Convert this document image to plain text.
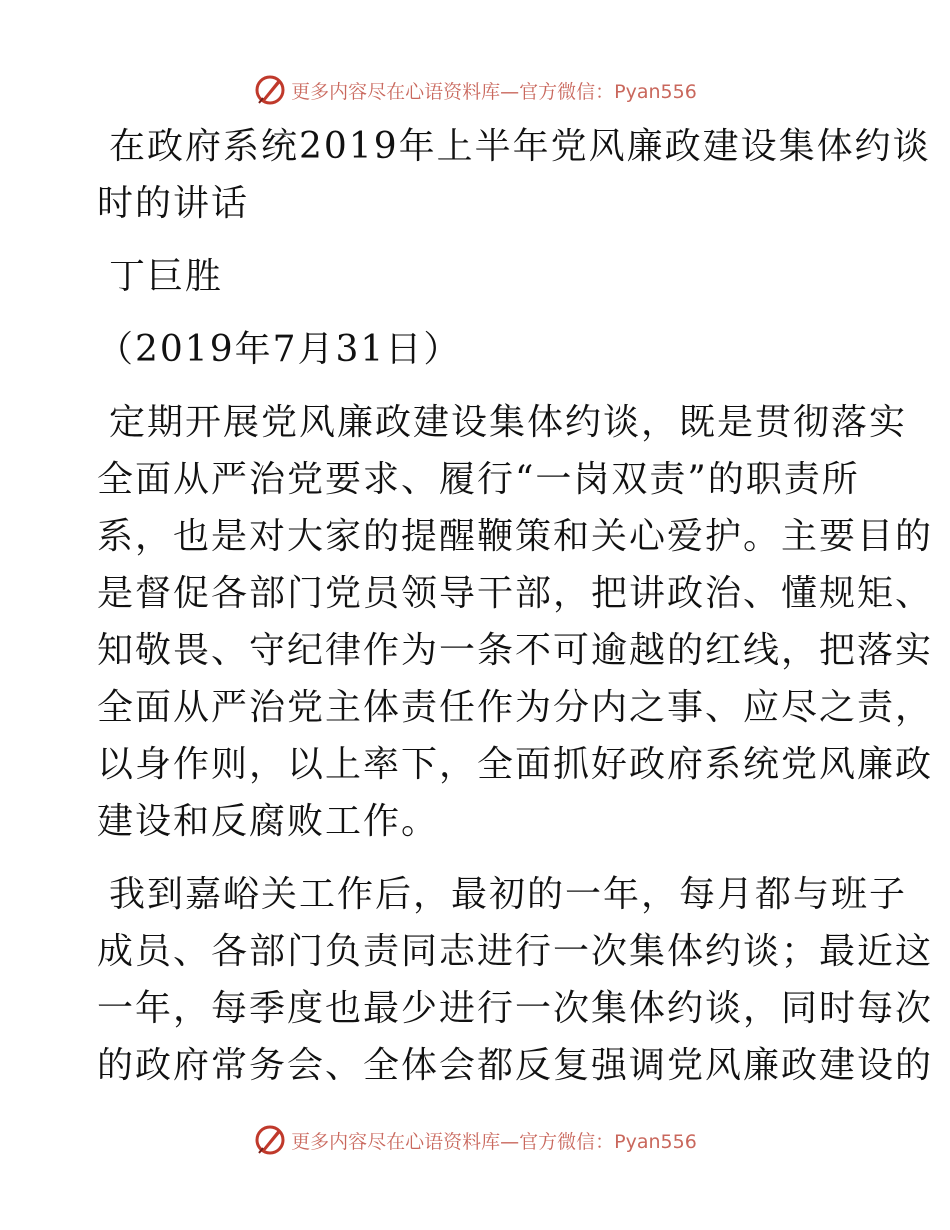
更多内容尽在心语资料库—官方微信：Pyan556
在政府系统2019年上半年党风廉政建设集体约谈
时的讲话
丁巨胜
（2019年7月31日）
定期开展党风廉政建设集体约谈，既是贯彻落实
全面从严治党要求、履行“一岗双责”的职责所
系，也是对大家的提醒鞭策和关心爱护。主要目的
是督促各部门党员领导干部，把讲政治、懂规矩、
知敬畏、守纪律作为一条不可逾越的红线，把落实
全面从严治党主体责任作为分内之事、应尽之责，
以身作则，以上率下，全面抓好政府系统党风廉政
建设和反腐败工作。
我到嘉峪关工作后，最初的一年，每月都与班子
成员、各部门负责同志进行一次集体约谈；最近这
一年，每季度也最少进行一次集体约谈，同时每次
的政府常务会、全体会都反复强调党风廉政建设的
更多内容尽在心语资料库—官方微信：Pyan556
